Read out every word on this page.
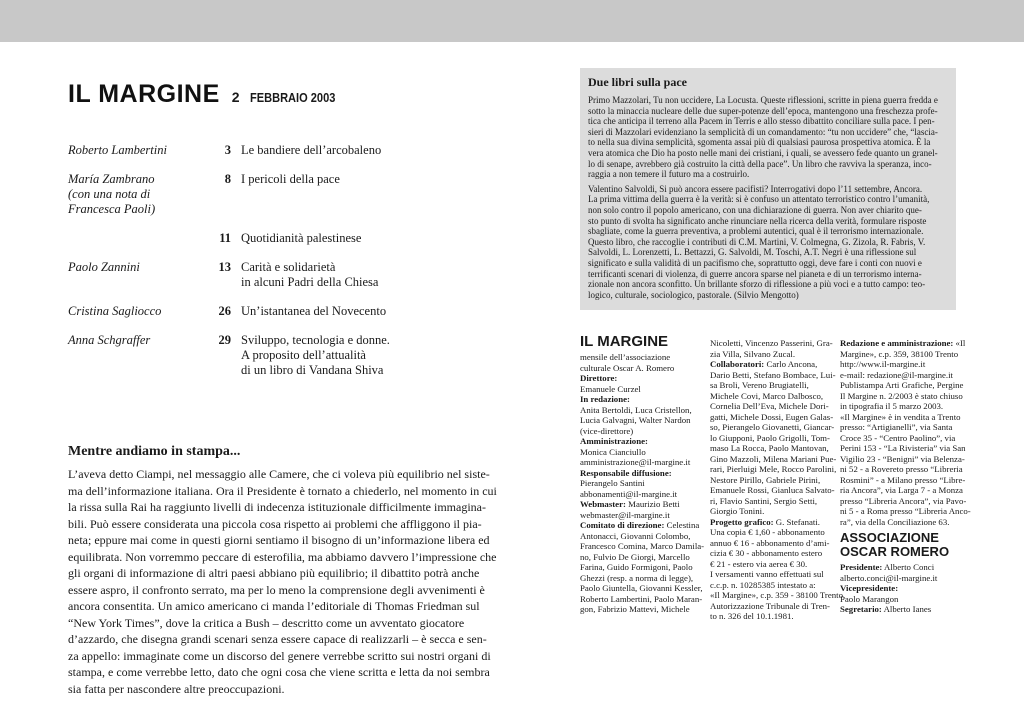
IL MARGINE 2 FEBBRAIO 2003
Roberto Lambertini	3 Le bandiere dell’arcobaleno
María Zambrano
(con una nota di
Francesca Paoli)
8 I pericoli della pace
11 Quotidianità palestinese
Paolo Zannini	13 Carità e solidarietà
in alcuni Padri della Chiesa
Cristina Sagliocco	26 Un’istantanea del Novecento
Anna Schgraffer	29 Sviluppo, tecnologia e donne.
A proposito dell’attualità
di un libro di Vandana Shiva
Mentre andiamo in stampa...
L’aveva detto Ciampi, nel messaggio alle Camere, che ci voleva più equilibrio nel siste-
ma dell’informazione italiana. Ora il Presidente è tornato a chiederlo, nel momento in cui
la rissa sulla Rai ha raggiunto livelli di indecenza istituzionale difficilmente immagina-
bili. Può essere considerata una piccola cosa rispetto ai problemi che affliggono il pia-
neta; eppure mai come in questi giorni sentiamo il bisogno di un’informazione libera ed
equilibrata. Non vorremmo peccare di esterofilia, ma abbiamo davvero l’impressione che
gli organi di informazione di altri paesi abbiano più equilibrio; il dibattito potrà anche
essere aspro, il confronto serrato, ma per lo meno la comprensione degli avvenimenti è
ancora consentita. Un amico americano ci manda l’editoriale di Thomas Friedman sul
“New York Times”, dove la critica a Bush – descritto come un avventato giocatore
d’azzardo, che disegna grandi scenari senza essere capace di realizzarli – è secca e sen-
za appello: immaginate come un discorso del genere verrebbe scritto sui nostri organi di
stampa, e come verrebbe letto, dato che ogni cosa che viene scritta e letta da noi sembra
sia fatta per nascondere altre preoccupazioni.
Due libri sulla pace
Primo Mazzolari, Tu non uccidere, La Locusta. Queste riflessioni, scritte in piena guerra fredda e
sotto la minaccia nucleare delle due super-potenze dell’epoca, mantengono una freschezza profe-
tica che anticipa il terreno alla Pacem in Terris e allo stesso dibattito conciliare sulla pace. I pen-
sieri di Mazzolari evidenziano la semplicità di un comandamento: “tu non uccidere” che, “lascia-
to nella sua divina semplicità, sgomenta assai più di qualsiasi paurosa prospettiva atomica. È la
vera atomica che Dio ha posto nelle mani dei cristiani, i quali, se avessero fede quanto un granel-
lo di senape, avrebbero già costruito la città della pace”. Un libro che ravviva la speranza, inco-
raggia a non temere il futuro ma a costruirlo.
Valentino Salvoldi, Si può ancora essere pacifisti? Interrogativi dopo l’11 settembre, Ancora.
La prima vittima della guerra è la verità: si è confuso un attentato terroristico contro l’umanità,
non solo contro il popolo americano, con una dichiarazione di guerra. Non aver chiarito que-
sto punto di svolta ha significato anche rinunciare nella ricerca della verità, formulare risposte
sbagliate, come la guerra preventiva, a problemi autentici, qual è il terrorismo internazionale.
Questo libro, che raccoglie i contributi di C.M. Martini, V. Colmegna, G. Zizola, R. Fabris, V.
Salvoldi, L. Lorenzetti, L. Bettazzi, G. Salvoldi, M. Toschi, A.T. Negri è una riflessione sul
significato e sulla validità di un pacifismo che, soprattutto oggi, deve fare i conti con nuovi e
terrificanti scenari di violenza, di guerre ancora sparse nel pianeta e di un terrorismo interna-
zionale non ancora sconfitto. Un brillante sforzo di riflessione a più voci e a tutto campo: teo-
logico, culturale, sociologico, pastorale. (Silvio Mengotto)
IL MARGINE
mensile dell’associazione
culturale Oscar A. Romero
Direttore:
Emanuele Curzel
In redazione:
Anita Bertoldi, Luca Cristellon,
Lucia Galvagni, Walter Nardon
(vice-direttore)
Amministrazione:
Monica Cianciullo
amministrazione@il-margine.it
Responsabile diffusione:
Pierangelo Santini
abbonamenti@il-margine.it
Webmaster: Maurizio Betti
webmaster@il-margine.it
Comitato di direzione: Celestina
Antonacci, Giovanni Colombo,
Francesco Comina, Marco Damila-
no, Fulvio De Giorgi, Marcello
Farina, Guido Formigoni, Paolo
Ghezzi (resp. a norma di legge),
Paolo Giuntella, Giovanni Kessler,
Roberto Lambertini, Paolo Maran-
gon, Fabrizio Mattevi, Michele
Nicoletti, Vincenzo Passerini, Gra-
zia Villa, Silvano Zucal.
Collaboratori: Carlo Ancona,
Dario Betti, Stefano Bombace, Lui-
sa Broli, Vereno Brugiatelli,
Michele Covi, Marco Dalbosco,
Cornelia Dell’Eva, Michele Dori-
gatti, Michele Dossi, Eugen Galas-
so, Pierangelo Giovanetti, Giancar-
lo Giupponi, Paolo Grigolli, Tom-
maso La Rocca, Paolo Mantovan,
Gino Mazzoli, Milena Mariani Pue-
rari, Pierluigi Mele, Rocco Parolini,
Nestore Pirillo, Gabriele Pirini,
Emanuele Rossi, Gianluca Salvato-
ri, Flavio Santini, Sergio Setti,
Giorgio Tonini.
Progetto grafico: G. Stefanati.
Una copia € 1,60 - abbonamento
annuo € 16 - abbonamento d’ami-
cizia € 30 - abbonamento estero
€ 21 - estero via aerea € 30.
I versamenti vanno effettuati sul
c.c.p. n. 10285385 intestato a:
«Il Margine», c.p. 359 - 38100 Trento.
Autorizzazione Tribunale di Tren-
to n. 326 del 10.1.1981.
Redazione e amministrazione: «Il
Margine», c.p. 359, 38100 Trento
http://www.il-margine.it
e-mail: redazione@il-margine.it
Publistampa Arti Grafiche, Pergine
Il Margine n. 2/2003 è stato chiuso
in tipografia il 5 marzo 2003.
«Il Margine» è in vendita a Trento
presso: “Artigianelli”, via Santa
Croce 35 - “Centro Paolino”, via
Perini 153 - “La Rivisteria” via San
Vigilio 23 - “Benigni” via Belenza-
ni 52 - a Rovereto presso “Libreria
Rosmini” - a Milano presso “Libre-
ria Ancora”, via Larga 7 - a Monza
presso “Libreria Ancora”, via Pavo-
ni 5 - a Roma presso “Libreria Anco-
ra”, via della Conciliazione 63.
ASSOCIAZIONE
OSCAR ROMERO
Presidente: Alberto Conci
alberto.conci@il-margine.it
Vicepresidente:
Paolo Marangon
Segretario: Alberto Ianes
